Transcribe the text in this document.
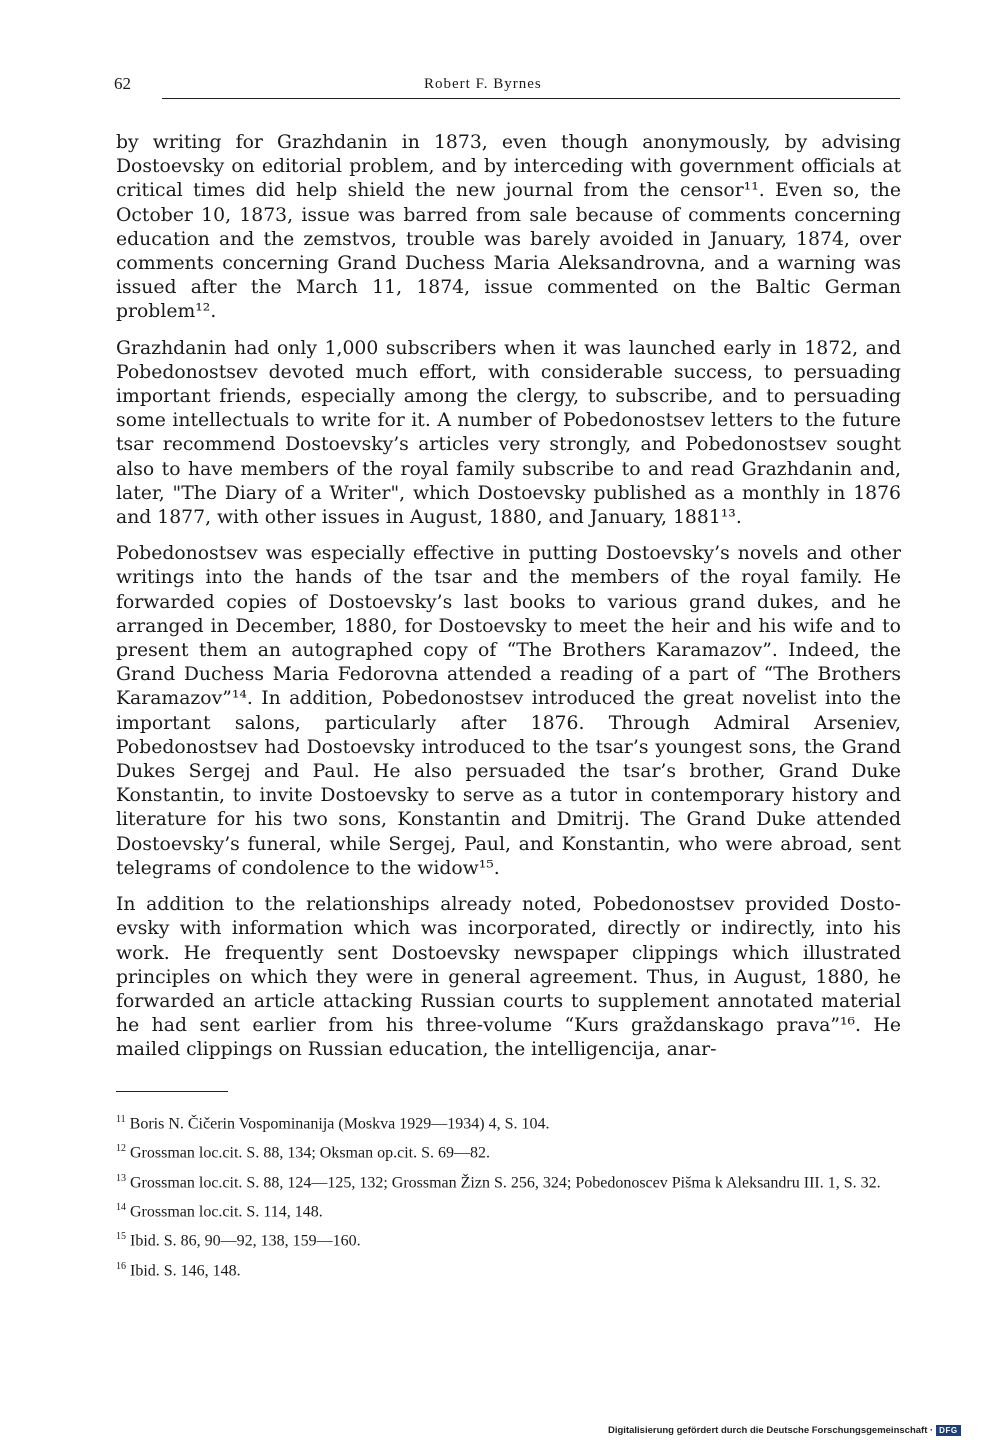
62	Robert F. Byrnes

by writing for Grazhdanin in 1873, even though anonymously, by advising Dostoevsky on editorial problem, and by interceding with government officials at critical times did help shield the new journal from the censor¹¹. Even so, the October 10, 1873, issue was barred from sale because of comments concerning education and the zemstvos, trouble was barely avoided in January, 1874, over comments concerning Grand Duchess Maria Aleksandrovna, and a warning was issued after the March 11, 1874, issue commented on the Baltic German problem¹².

Grazhdanin had only 1,000 subscribers when it was launched early in 1872, and Pobedonostsev devoted much effort, with considerable success, to persuading important friends, especially among the clergy, to subscribe, and to persuading some intellectuals to write for it. A number of Pobedonostsev letters to the future tsar recommend Dostoevsky’s articles very strongly, and Pobedonostsev sought also to have members of the royal family subscribe to and read Grazhdanin and, later, "The Diary of a Writer", which Dostoevsky published as a monthly in 1876 and 1877, with other issues in August, 1880, and January, 1881¹³.

Pobedonostsev was especially effective in putting Dostoevsky’s novels and other writings into the hands of the tsar and the members of the royal family. He forwarded copies of Dostoevsky’s last books to various grand dukes, and he arranged in December, 1880, for Dostoevsky to meet the heir and his wife and to present them an autographed copy of “The Brothers Karamazov”. Indeed, the Grand Duchess Maria Fedorovna attended a reading of a part of “The Brothers Karamazov”¹⁴. In addition, Pobedonostsev introduced the great novelist into the important salons, particularly after 1876. Through Admiral Arseniev, Pobedonostsev had Dostoevsky introduced to the tsar’s youngest sons, the Grand Dukes Sergej and Paul. He also persuaded the tsar’s brother, Grand Duke Konstantin, to invite Dostoevsky to serve as a tutor in contemporary history and literature for his two sons, Konstantin and Dmitrij. The Grand Duke attended Dostoevsky’s funeral, while Sergej, Paul, and Konstantin, who were abroad, sent telegrams of condolence to the widow¹⁵.

In addition to the relationships already noted, Pobedonostsev provided Dostoevsky with information which was incorporated, directly or indirectly, into his work. He frequently sent Dostoevsky newspaper clippings which illustrated principles on which they were in general agreement. Thus, in August, 1880, he forwarded an article attacking Russian courts to supplement annotated material he had sent earlier from his three-volume “Kurs graždanskago prava”¹⁶. He mailed clippings on Russian education, the intelligencija, anar-

$^{11}$ Boris N. Čičerin Vospominanija (Moskva 1929—1934) 4, S. 104.

$^{12}$ Grossman loc.cit. S. 88, 134; Oksman op.cit. S. 69—82.

$^{13}$ Grossman loc.cit. S. 88, 124—125, 132; Grossman Žizn S. 256, 324; Pobedonoscev Pis̆ma k Aleksandru III. 1, S. 32.

$^{14}$ Grossman loc.cit. S. 114, 148.

$^{15}$ Ibid. S. 86, 90—92, 138, 159—160.

$^{16}$ Ibid. S. 146, 148.

Digitalisierung gefördert durch die Deutsche Forschungsgemeinschaft · DFG
